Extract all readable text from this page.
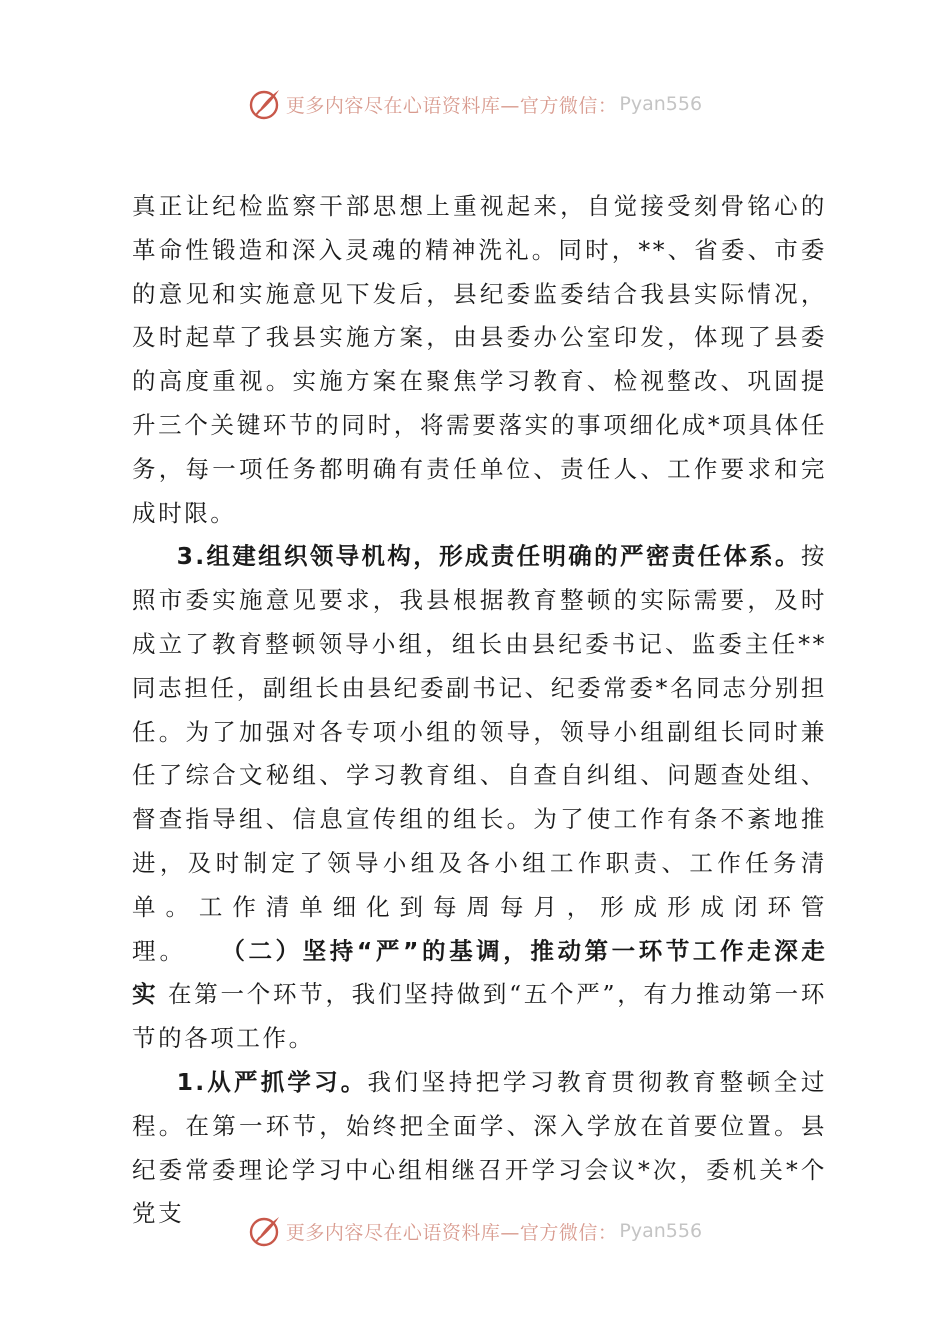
更多内容尽在心语资料库—官方微信： Pyan556

真正让纪检监察干部思想上重视起来，自觉接受刻骨铭心的革命性锻造和深入灵魂的精神洗礼。同时，**、省委、市委的意见和实施意见下发后，县纪委监委结合我县实际情况，及时起草了我县实施方案，由县委办公室印发，体现了县委的高度重视。实施方案在聚焦学习教育、检视整改、巩固提升三个关键环节的同时，将需要落实的事项细化成*项具体任务，每一项任务都明确有责任单位、责任人、工作要求和完成时限。

3.组建组织领导机构，形成责任明确的严密责任体系。按照市委实施意见要求，我县根据教育整顿的实际需要，及时成立了教育整顿领导小组，组长由县纪委书记、监委主任**同志担任，副组长由县纪委副书记、纪委常委*名同志分别担任。为了加强对各专项小组的领导，领导小组副组长同时兼任了综合文秘组、学习教育组、自查自纠组、问题查处组、督查指导组、信息宣传组的组长。为了使工作有条不紊地推进，及时制定了领导小组及各小组工作职责、工作任务清单。工作清单细化到每周每月，形成形成闭环管理。 （二）坚持“严”的基调，推动第一环节工作走深走实 在第一个环节，我们坚持做到“五个严”，有力推动第一环节的各项工作。

1.从严抓学习。我们坚持把学习教育贯彻教育整顿全过程。在第一环节，始终把全面学、深入学放在首要位置。县纪委常委理论学习中心组相继召开学习会议*次，委机关*个党支

更多内容尽在心语资料库—官方微信： Pyan556
